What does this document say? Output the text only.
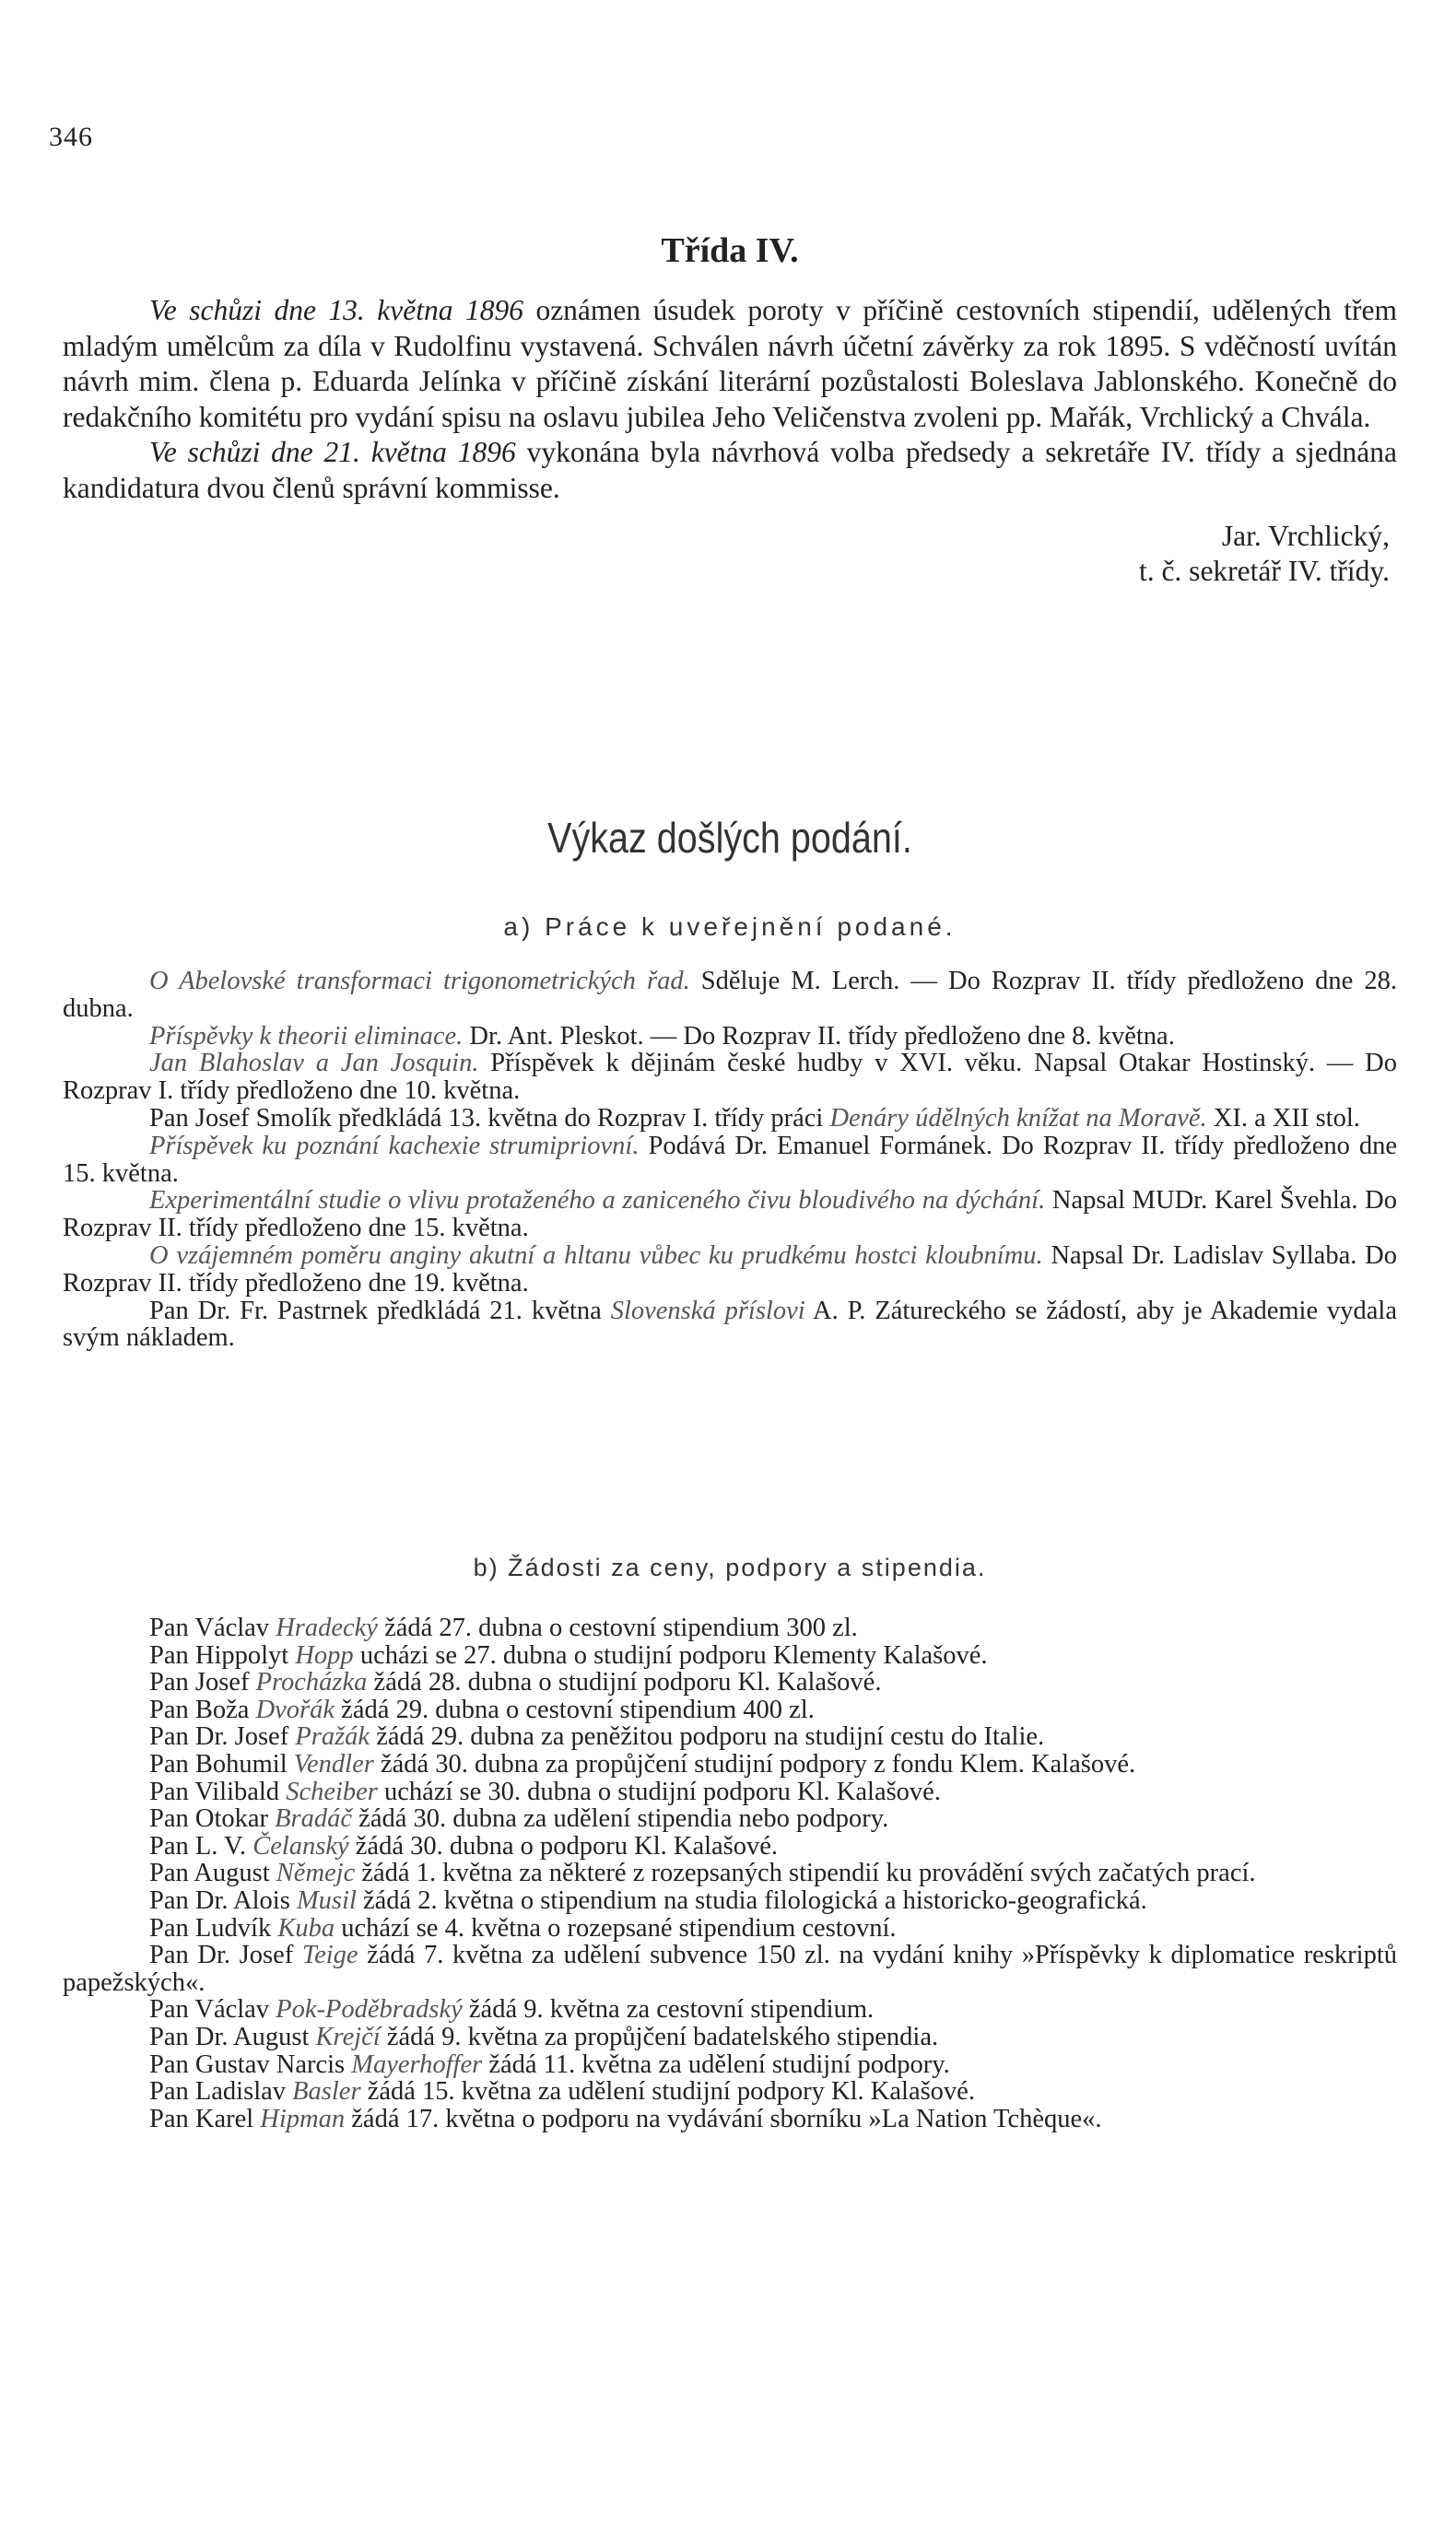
346
Třída IV.

Ve schůzi dne 13. května 1896 oznámen úsudek poroty v příčině cestovních stipendií, udělených třem mladým umělcům za díla v Rudolfinu vystavená. Schválen návrh účetní závěrky za rok 1895. S vděčností uvítán návrh mim. člena p. Eduarda Jelínka v příčině získání literární pozůstalosti Boleslava Jablonského. Konečně do redakčního komitétu pro vydání spisu na oslavu jubilea Jeho Veličenstva zvoleni pp. Mařák, Vrchlický a Chvála.

Ve schůzi dne 21. května 1896 vykonána byla návrhová volba předsedy a sekretáře IV. třídy a sjednána kandidatura dvou členů správní kommisse.

Jar. Vrchlický,
t. č. sekretář IV. třídy.
Výkaz došlých podání.
a) Práce k uveřejnění podané.

O Abelovské transformaci trigonometrických řad. Sděluje M. Lerch. — Do Rozprav II. třídy předloženo dne 28. dubna.

Příspěvky k theorii eliminace. Dr. Ant. Pleskot. — Do Rozprav II. třídy předloženo dne 8. května.

Jan Blahoslav a Jan Josquin. Příspěvek k dějinám české hudby v XVI. věku. Napsal Otakar Hostinský. — Do Rozprav I. třídy předloženo dne 10. května.

Pan Josef Smolík předkládá 13. května do Rozprav I. třídy práci Denáry údělných knížat na Moravě. XI. a XII stol.

Příspěvek ku poznání kachexie strumipriovní. Podává Dr. Emanuel Formánek. Do Rozprav II. třídy předloženo dne 15. května.

Experimentální studie o vlivu protaženého a zaniceného čivu bloudivého na dýchání. Napsal MUDr. Karel Švehla. Do Rozprav II. třídy předloženo dne 15. května.

O vzájemném poměru anginy akutní a hltanu vůbec ku prudkému hostci kloubnímu. Napsal Dr. Ladislav Syllaba. Do Rozprav II. třídy předloženo dne 19. května.

Pan Dr. Fr. Pastrnek předkládá 21. května Slovenská příslovi A. P. Zátureckého se žádostí, aby je Akademie vydala svým nákladem.

b) Žádosti za ceny, podpory a stipendia.

Pan Václav Hradecký žádá 27. dubna o cestovní stipendium 300 zl.

Pan Hippolyt Hopp ucházi se 27. dubna o studijní podporu Klementy Kalašové.

Pan Josef Procházka žádá 28. dubna o studijní podporu Kl. Kalašové.

Pan Boža Dvořák žádá 29. dubna o cestovní stipendium 400 zl.

Pan Dr. Josef Pražák žádá 29. dubna za peněžitou podporu na studijní cestu do Italie.

Pan Bohumil Vendler žádá 30. dubna za propůjčení studijní podpory z fondu Klem. Kalašové.

Pan Vilibald Scheiber uchází se 30. dubna o studijní podporu Kl. Kalašové.

Pan Otokar Bradáč žádá 30. dubna za udělení stipendia nebo podpory.

Pan L. V. Čelanský žádá 30. dubna o podporu Kl. Kalašové.

Pan August Němejc žádá 1. května za některé z rozepsaných stipendií ku provádění svých začatých prací.

Pan Dr. Alois Musil žádá 2. května o stipendium na studia filologická a historicko-geografická.

Pan Ludvík Kuba uchází se 4. května o rozepsané stipendium cestovní.

Pan Dr. Josef Teige žádá 7. května za udělení subvence 150 zl. na vydání knihy »Příspěvky k diplomatice reskriptů papežských«.

Pan Václav Pok-Poděbradský žádá 9. května za cestovní stipendium.

Pan Dr. August Krejčí žádá 9. května za propůjčení badatelského stipendia.

Pan Gustav Narcis Mayerhoffer žádá 11. května za udělení studijní podpory.

Pan Ladislav Basler žádá 15. května za udělení studijní podpory Kl. Kalašové.

Pan Karel Hipman žádá 17. května o podporu na vydávání sborníku »La Nation Tchèque«.
